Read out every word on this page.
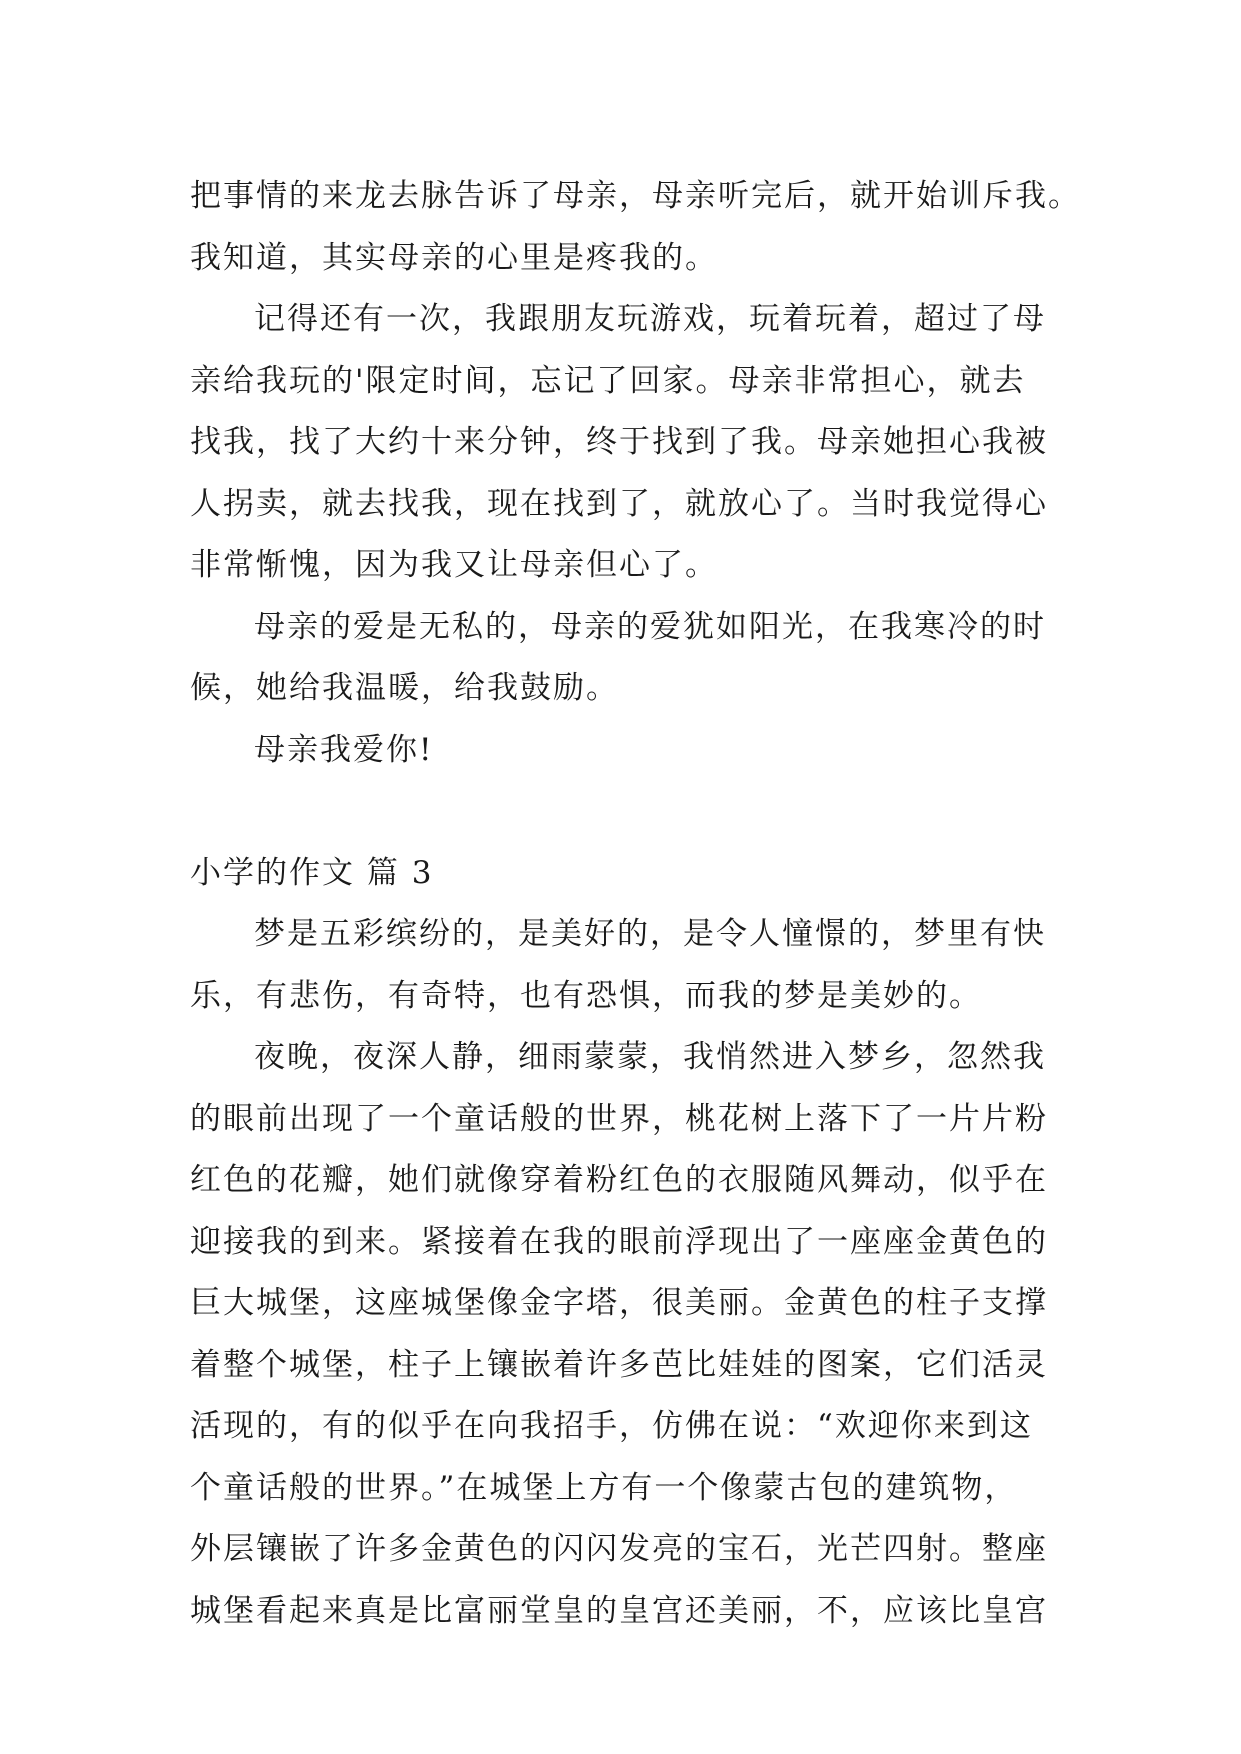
把事情的来龙去脉告诉了母亲，母亲听完后，就开始训斥我。
我知道，其实母亲的心里是疼我的。
记得还有一次，我跟朋友玩游戏，玩着玩着，超过了母
亲给我玩的'限定时间，忘记了回家。母亲非常担心，就去
找我，找了大约十来分钟，终于找到了我。母亲她担心我被
人拐卖，就去找我，现在找到了，就放心了。当时我觉得心
非常惭愧，因为我又让母亲但心了。
母亲的爱是无私的，母亲的爱犹如阳光，在我寒冷的时
候，她给我温暖，给我鼓励。
母亲我爱你!
小学的作文 篇 3
梦是五彩缤纷的，是美好的，是令人憧憬的，梦里有快
乐，有悲伤，有奇特，也有恐惧，而我的梦是美妙的。
夜晚，夜深人静，细雨蒙蒙，我悄然进入梦乡，忽然我
的眼前出现了一个童话般的世界，桃花树上落下了一片片粉
红色的花瓣，她们就像穿着粉红色的衣服随风舞动，似乎在
迎接我的到来。紧接着在我的眼前浮现出了一座座金黄色的
巨大城堡，这座城堡像金字塔，很美丽。金黄色的柱子支撑
着整个城堡，柱子上镶嵌着许多芭比娃娃的图案，它们活灵
活现的，有的似乎在向我招手，仿佛在说：“欢迎你来到这
个童话般的世界。”在城堡上方有一个像蒙古包的建筑物，
外层镶嵌了许多金黄色的闪闪发亮的宝石，光芒四射。整座
城堡看起来真是比富丽堂皇的皇宫还美丽，不，应该比皇宫
